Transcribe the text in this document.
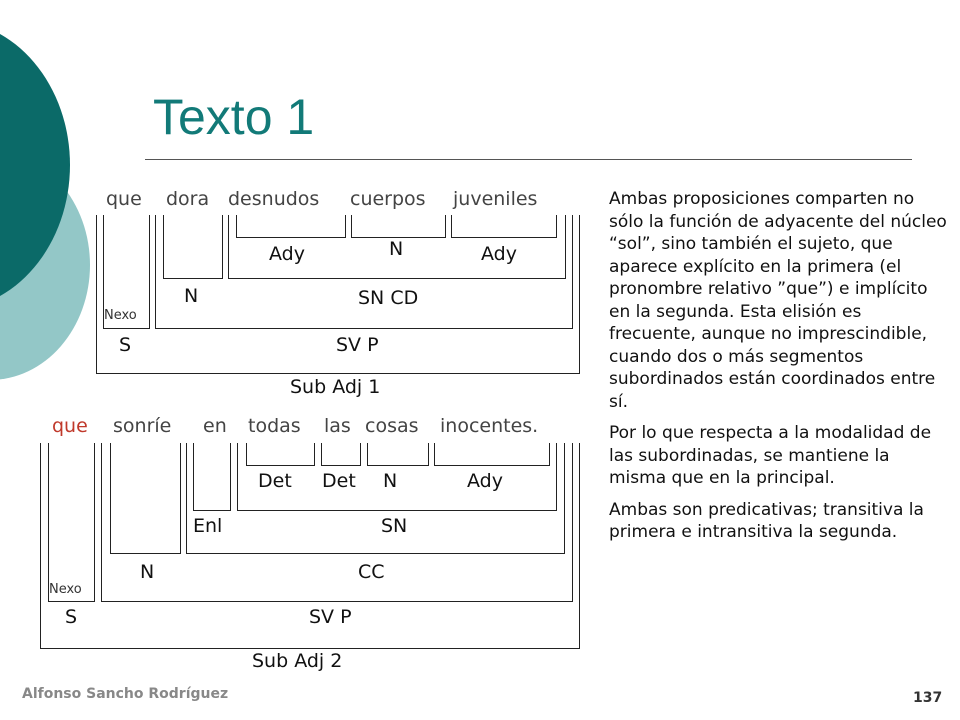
Texto 1
que dora desnudos cuerpos juveniles
Ady	N	Ady
N	SN CD
Nexo
S	SV P
Sub Adj 1
que sonríe en todas las cosas inocentes.
Det Det N	Ady
Enl	SN
N	CC
Nexo
S	SV P
Sub Adj 2

Ambas proposiciones comparten no sólo la función de adyacente del núcleo “sol”, sino también el sujeto, que aparece explícito en la primera (el pronombre relativo ”que”) e implícito en la segunda. Esta elisión es frecuente, aunque no imprescindible, cuando dos o más segmentos subordinados están coordinados entre sí.

Por lo que respecta a la modalidad de las subordinadas, se mantiene la misma que en la principal.

Ambas son predicativas; transitiva la primera e intransitiva la segunda.

Alfonso Sancho Rodríguez	137
